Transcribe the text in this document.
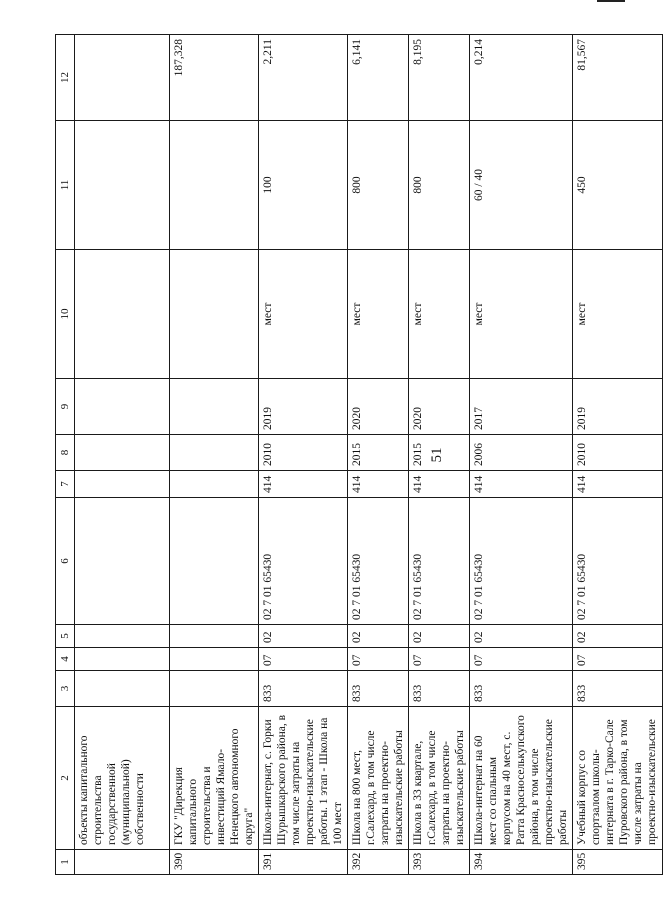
1	2	3	4	5	6	7	8	9	10	11	12
	объекты капитального строительства государственной (муниципальной) собственности										
390	ГКУ "Дирекция капитального строительства и инвестиций Ямало-Ненецкого автономного округа"										187,328
391	Школа-интернат, с. Горки Шурышкарского района, в том числе затраты на проектно-изыскательские работы. 1 этап - Школа на 100 мест	833	07	02	02 7 01 65430	414	2010	2019	мест	100	2,211
392	Школа на 800 мест, г.Салехард, в том числе затраты на проектно-изыскательские работы	833	07	02	02 7 01 65430	414	2015	2020	мест	800	6,141
393	Школа в 33 квартале, г.Салехард, в том числе затраты на проектно-изыскательские работы	833	07	02	02 7 01 65430	414	2015	2020	мест	800	8,195
394	Школа-интернат на 60 мест со спальным корпусом на 40 мест, с. Ратта Красноселькупского района, в том числе проектно-изыскательские работы	833	07	02	02 7 01 65430	414	2006	2017	мест	60 / 40	0,214
395	Учебный корпус со спортзалом школы-интерната в г. Тарко-Сале Пуровского района, в том числе затраты на проектно-изыскательские	833	07	02	02 7 01 65430	414	2010	2019	мест	450	81,567
51
